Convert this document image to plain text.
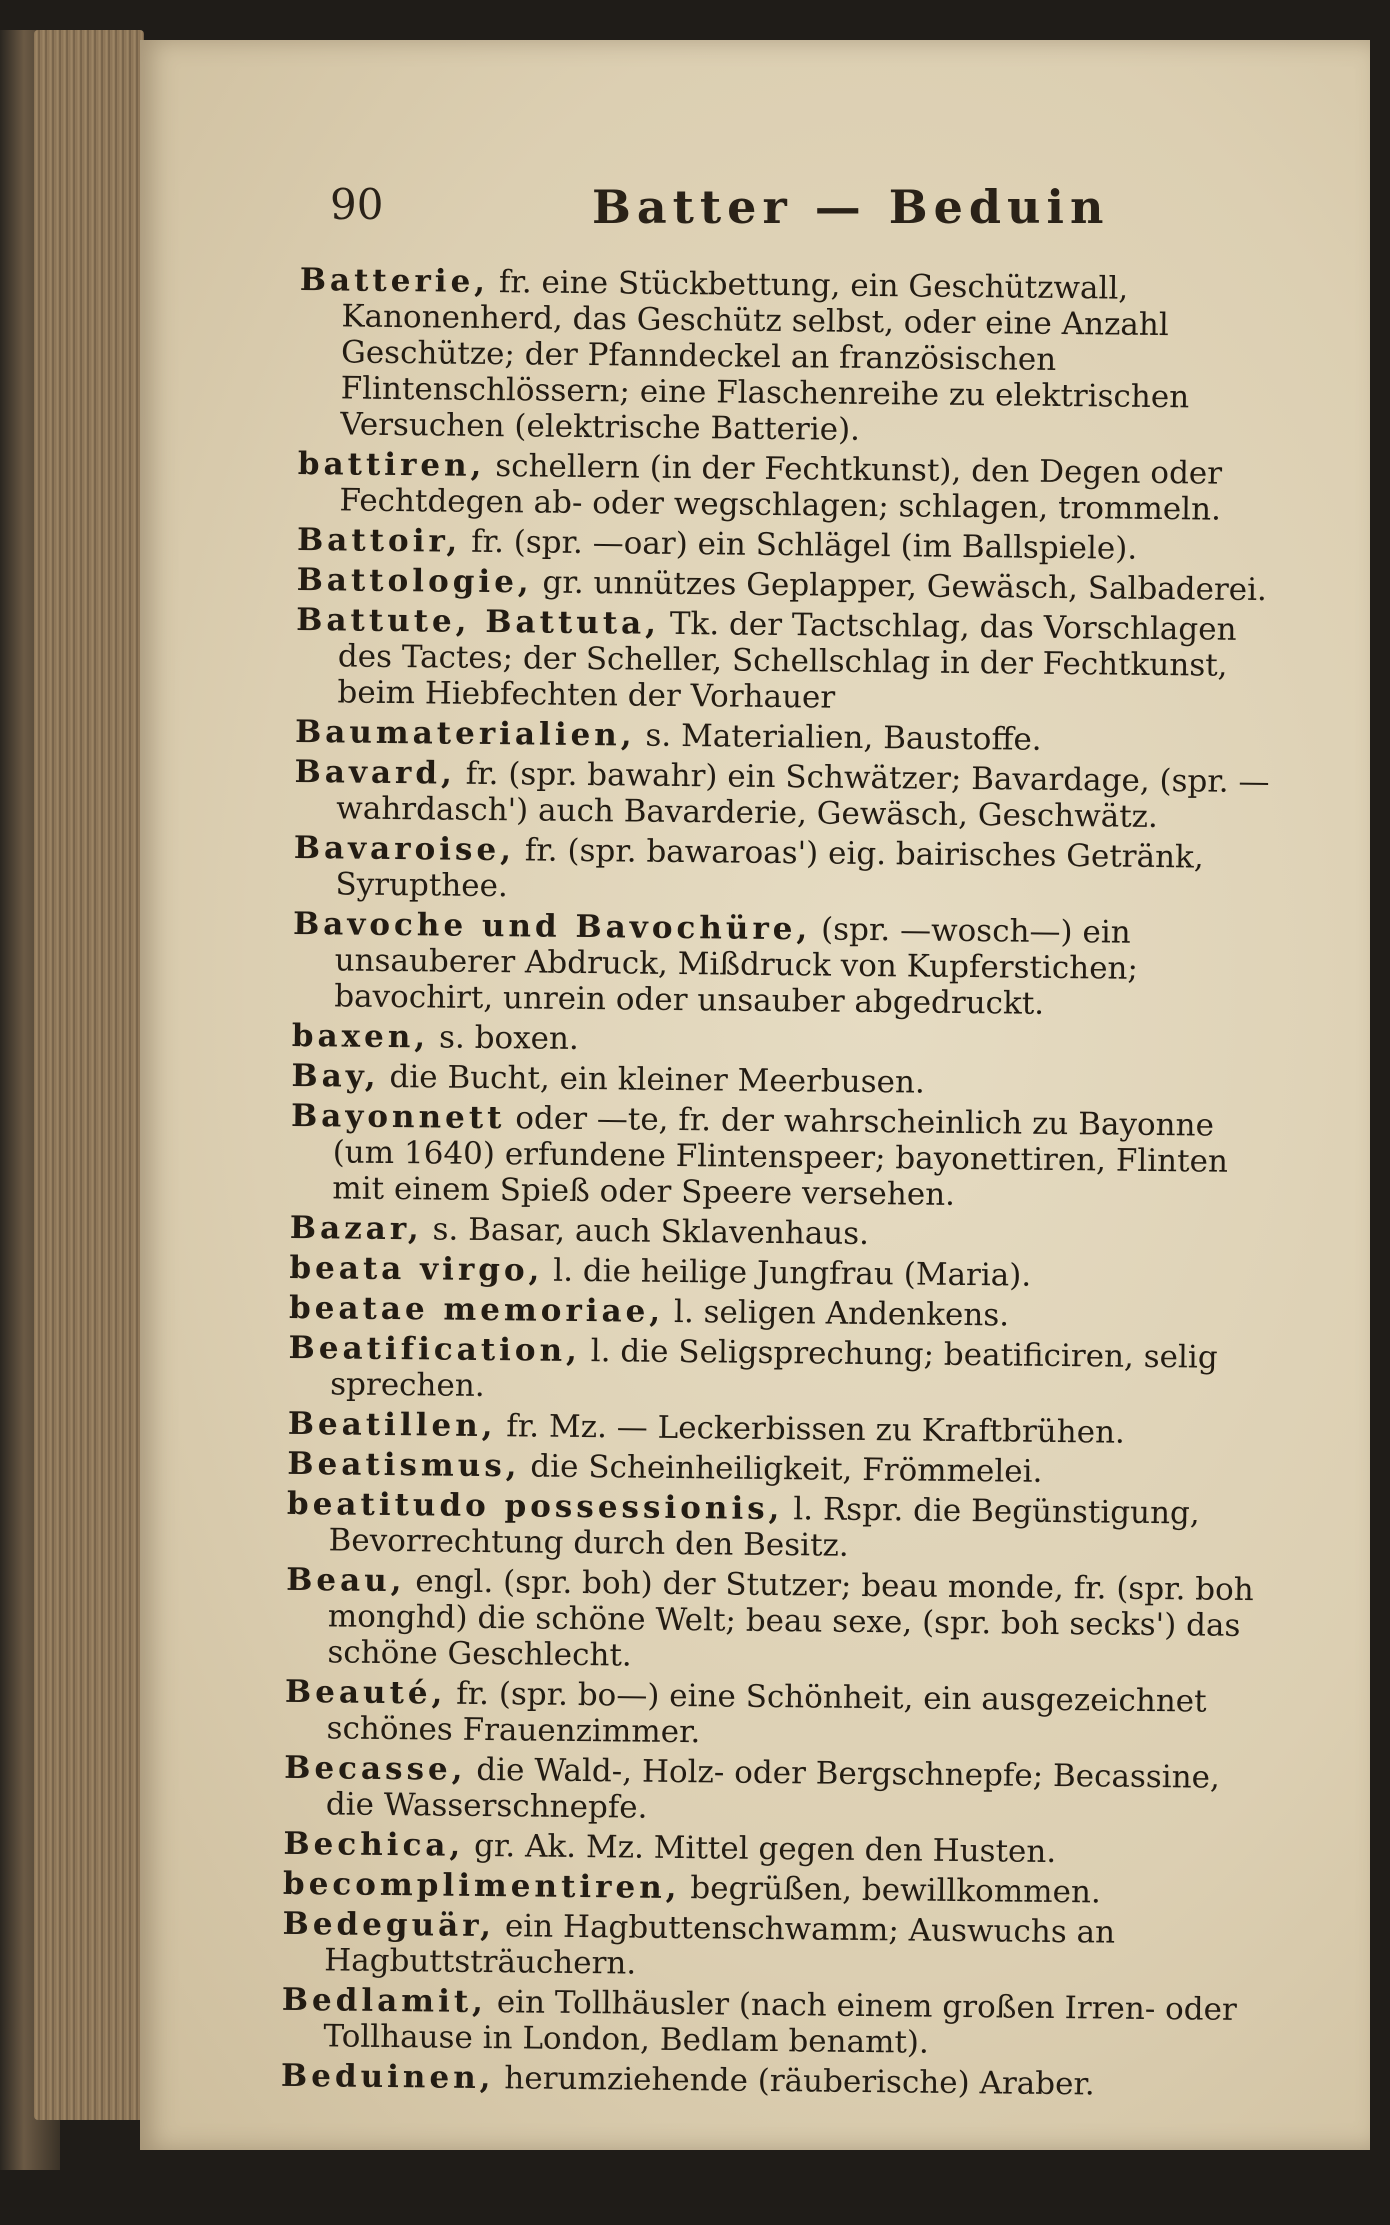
90	Batter — Beduin

Batterie, fr. eine Stückbettung, ein Geschützwall, Kanonenherd, das Geschütz selbst, oder eine Anzahl Geschütze; der Pfanndeckel an französischen Flintenschlössern; eine Flaschenreihe zu elektrischen Versuchen (elektrische Batterie).

battiren, schellern (in der Fechtkunst), den Degen oder Fechtdegen ab- oder wegschlagen; schlagen, trommeln.

Battoir, fr. (spr. —oar) ein Schlägel (im Ballspiele).

Battologie, gr. unnützes Geplapper, Gewäsch, Salbaderei.

Battute, Battuta, Tk. der Tactschlag, das Vorschlagen des Tactes; der Scheller, Schellschlag in der Fechtkunst, beim Hiebfechten der Vorhauer

Baumaterialien, s. Materialien, Baustoffe.

Bavard, fr. (spr. bawahr) ein Schwätzer; Bavardage, (spr. —wahrdasch') auch Bavarderie, Gewäsch, Geschwätz.

Bavaroise, fr. (spr. bawaroas') eig. bairisches Getränk, Syrupthee.

Bavoche und Bavochüre, (spr. —wosch—) ein unsauberer Abdruck, Mißdruck von Kupferstichen; bavochirt, unrein oder unsauber abgedruckt.

baxen, s. boxen.

Bay, die Bucht, ein kleiner Meerbusen.

Bayonnett oder —te, fr. der wahrscheinlich zu Bayonne (um 1640) erfundene Flintenspeer; bayonettiren, Flinten mit einem Spieß oder Speere versehen.

Bazar, s. Basar, auch Sklavenhaus.

beata virgo, l. die heilige Jungfrau (Maria).

beatae memoriae, l. seligen Andenkens.

Beatification, l. die Seligsprechung; beatificiren, selig sprechen.

Beatillen, fr. Mz. — Leckerbissen zu Kraftbrühen.

Beatismus, die Scheinheiligkeit, Frömmelei.

beatitudo possessionis, l. Rspr. die Begünstigung, Bevorrechtung durch den Besitz.

Beau, engl. (spr. boh) der Stutzer; beau monde, fr. (spr. boh monghd) die schöne Welt; beau sexe, (spr. boh secks') das schöne Geschlecht.

Beauté, fr. (spr. bo—) eine Schönheit, ein ausgezeichnet schönes Frauenzimmer.

Becasse, die Wald-, Holz- oder Bergschnepfe; Becassine, die Wasserschnepfe.

Bechica, gr. Ak. Mz. Mittel gegen den Husten.

becomplimentiren, begrüßen, bewillkommen.

Bedeguär, ein Hagbuttenschwamm; Auswuchs an Hagbuttsträuchern.

Bedlamit, ein Tollhäusler (nach einem großen Irren- oder Tollhause in London, Bedlam benamt).

Beduinen, herumziehende (räuberische) Araber.
